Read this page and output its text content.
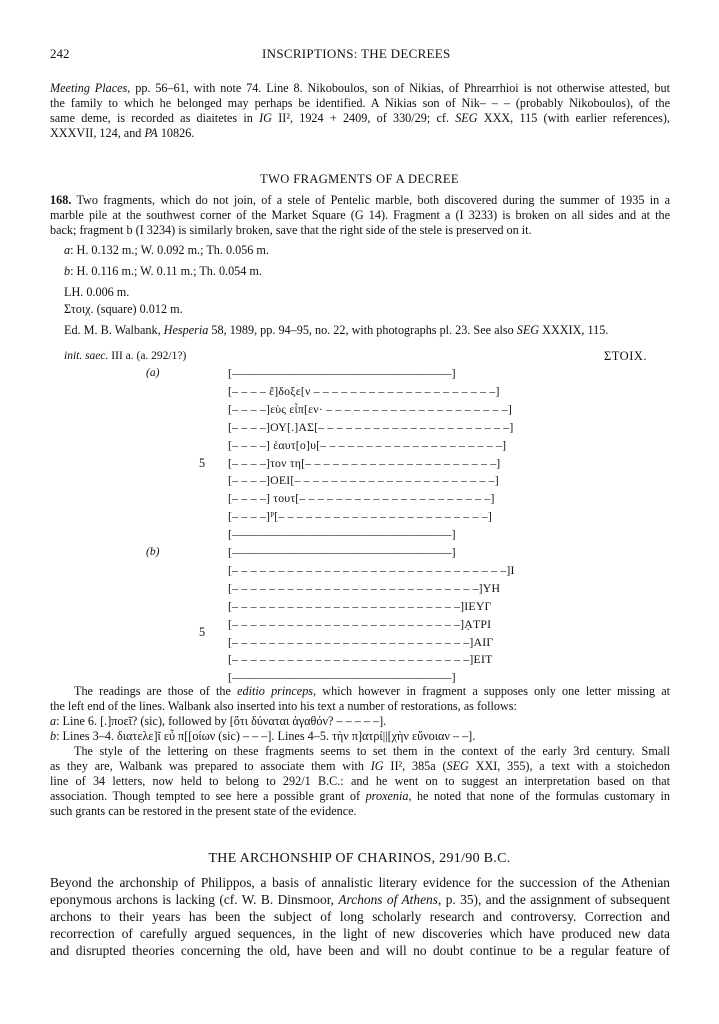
242	INSCRIPTIONS: THE DECREES
Meeting Places, pp. 56–61, with note 74. Line 8. Nikoboulos, son of Nikias, of Phrearrhioi is not otherwise attested, but
the family to which he belonged may perhaps be identified. A Nikias son of Nik– – – (probably Nikoboulos), of the
same deme, is recorded as diaitetes in IG II², 1924 + 2409, of 330/29; cf. SEG XXX, 115 (with earlier references),
XXXVII, 124, and PA 10826.
TWO FRAGMENTS OF A DECREE
168. Two fragments, which do not join, of a stele of Pentelic marble, both discovered during the summer of 1935 in a
marble pile at the southwest corner of the Market Square (G 14). Fragment a (I 3233) is broken on all sides and at the
back; fragment b (I 3234) is similarly broken, save that the right side of the stele is preserved on it.
a: H. 0.132 m.; W. 0.092 m.; Th. 0.056 m.
b: H. 0.116 m.; W. 0.11 m.; Th. 0.054 m.
LH. 0.006 m.
Στοιχ. (square) 0.012 m.
Ed. M. B. Walbank, Hesperia 58, 1989, pp. 94–95, no. 22, with photographs pl. 23. See also SEG XXXIX, 115.
init. saec. III a. (a. 292/1?)	ΣΤΟΙΧ.
(a)	[––––––––––––––––––––––––––––––––––––]
[– – – – ἔ]δοξε[ν – – – – – – – – – – – – – – – – – – – –]
[– – – –]εὺς εἶπ[εν· – – – – – – – – – – – – – – – – – – – –]
[– – – –]ΟΥ[.]ΑΣ[– – – – – – – – – – – – – – – – – – – – –]
[– – – –] ἑαυτ[ο]υ[– – – – – – – – – – – – – – – – – – – –]
[– – – –]τον τη[– – – – – – – – – – – – – – – – – – – – –]
[– – – –]ΟΕΙ[– – – – – – – – – – – – – – – – – – – – – –]
[– – – –] τουτ[– – – – – – – – – – – – – – – – – – – – –]
[– – – –]ᴾ[– – – – – – – – – – – – – – – – – – – – – – –]
[––––––––––––––––––––––––––––––––––––]
5
(b)	[––––––––––––––––––––––––––––––––––––]
[– – – – – – – – – – – – – – – – – – – – – – – – – – – – – –]Ι
[– – – – – – – – – – – – – – – – – – – – – – – – – – –]ΥΗ
[– – – – – – – – – – – – – – – – – – – – – – – – –]ΙΕΥΓ
[– – – – – – – – – – – – – – – – – – – – – – – – –]ẠΤΡΙ
[– – – – – – – – – – – – – – – – – – – – – – – – – –]ΑΙΓ
[– – – – – – – – – – – – – – – – – – – – – – – – – –]ΕΙΤ
[––––––––––––––––––––––––––––––––––––]
5
The readings are those of the editio princeps, which however in fragment a supposes only one letter missing at
the left end of the lines. Walbank also inserted into his text a number of restorations, as follows:
a: Line 6. [.]ποεῖ? (sic), followed by [ὅτι δύναται ἀγαθόν? – – – – –].
b: Lines 3–4. διατελε]ῖ εὖ π[[οίων (sic) – – –]. Lines 4–5. τὴν π]ατρί||[χὴν εὔνοιαν – –].
The style of the lettering on these fragments seems to set them in the context of the early 3rd century. Small
as they are, Walbank was prepared to associate them with IG II², 385a (SEG XXI, 355), a text with a stoichedon
line of 34 letters, now held to belong to 292/1 B.C.: and he went on to suggest an interpretation based on that
association. Though tempted to see here a possible grant of proxenia, he noted that none of the formulas customary in
such grants can be restored in the present state of the evidence.
THE ARCHONSHIP OF CHARINOS, 291/90 B.C.
Beyond the archonship of Philippos, a basis of annalistic literary evidence for the succession of the Athenian
eponymous archons is lacking (cf. W. B. Dinsmoor, Archons of Athens, p. 35), and the assignment of subsequent
archons to their years has been the subject of long scholarly research and controversy. Correction and
recorrection of carefully argued sequences, in the light of new discoveries which have produced new data
and disrupted theories concerning the old, have been and will no doubt continue to be a regular feature of
